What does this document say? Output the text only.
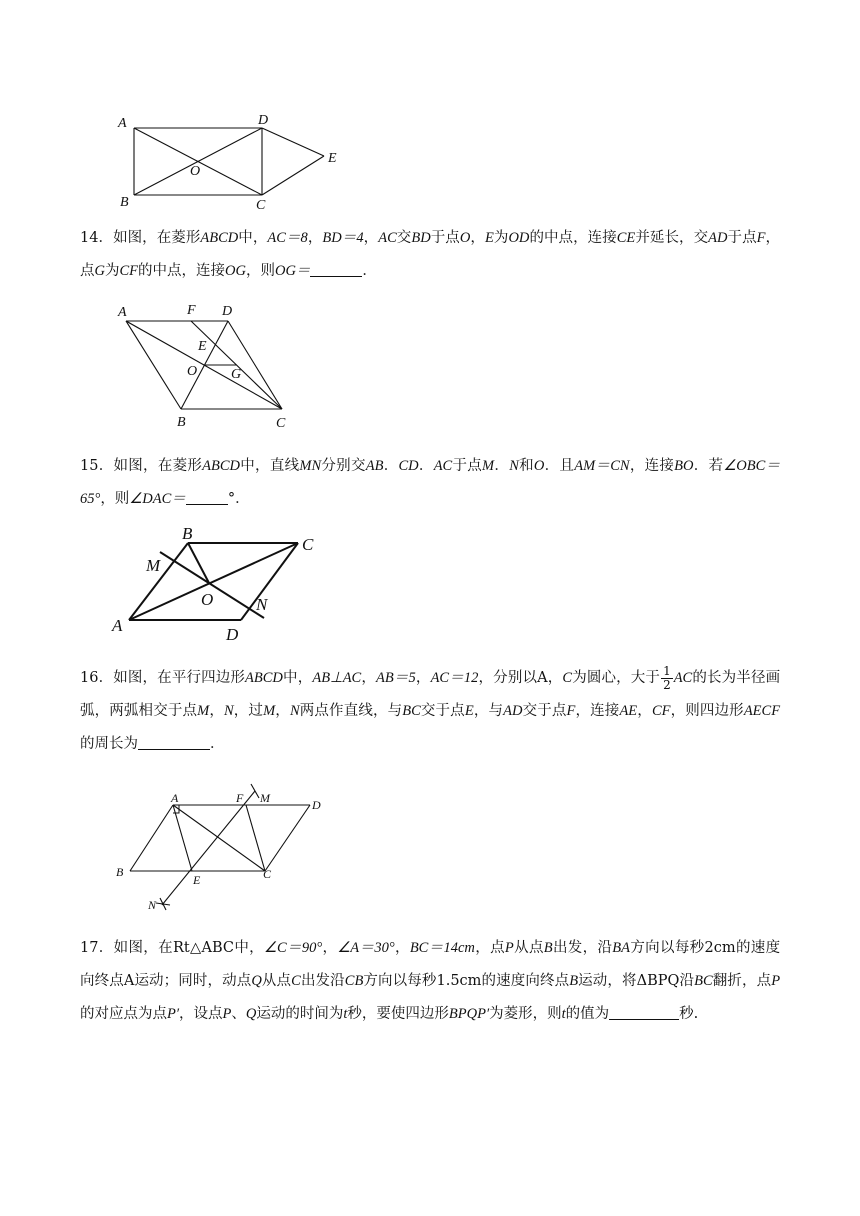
A	D
E
O
B	C
14．如图，在菱形ABCD中，AC＝8，BD＝4，AC交BD于点O，E为OD的中点，连接CE并延长，交AD于点F，点G为CF的中点，连接OG，则OG＝	．
A	F D
E
O G
B	C
15．如图，在菱形ABCD中，直线MN分别交AB．CD．AC于点M．N和O．且AM＝CN，连接BO．若∠OBC＝65°，则∠DAC＝	°．
B
C
M
O	N
A	D
16．如图，在平行四边形ABCD中，AB⊥AC，AB＝5，AC＝12，分别以A，C为圆心，大于 $\frac{1}{2}$ AC的长为半径画弧，两弧相交于点M，N，过M，N两点作直线，与BC交于点E，与AD交于点F，连接AE，CF，则四边形AECF的周长为	．
A	F M	D
B
E	C
N
17．如图，在Rt△ABC中，∠C＝90°，∠A＝30°，BC＝14cm，点P从点B出发，沿BA方向以每秒2cm的速度向终点A运动；同时，动点Q从点C出发沿CB方向以每秒1.5cm的速度向终点B运动，将ΔBPQ沿BC翻折，点P的对应点为点P′，设点P、Q运动的时间为t秒，要使四边形BPQP′为菱形，则t的值为	秒.
